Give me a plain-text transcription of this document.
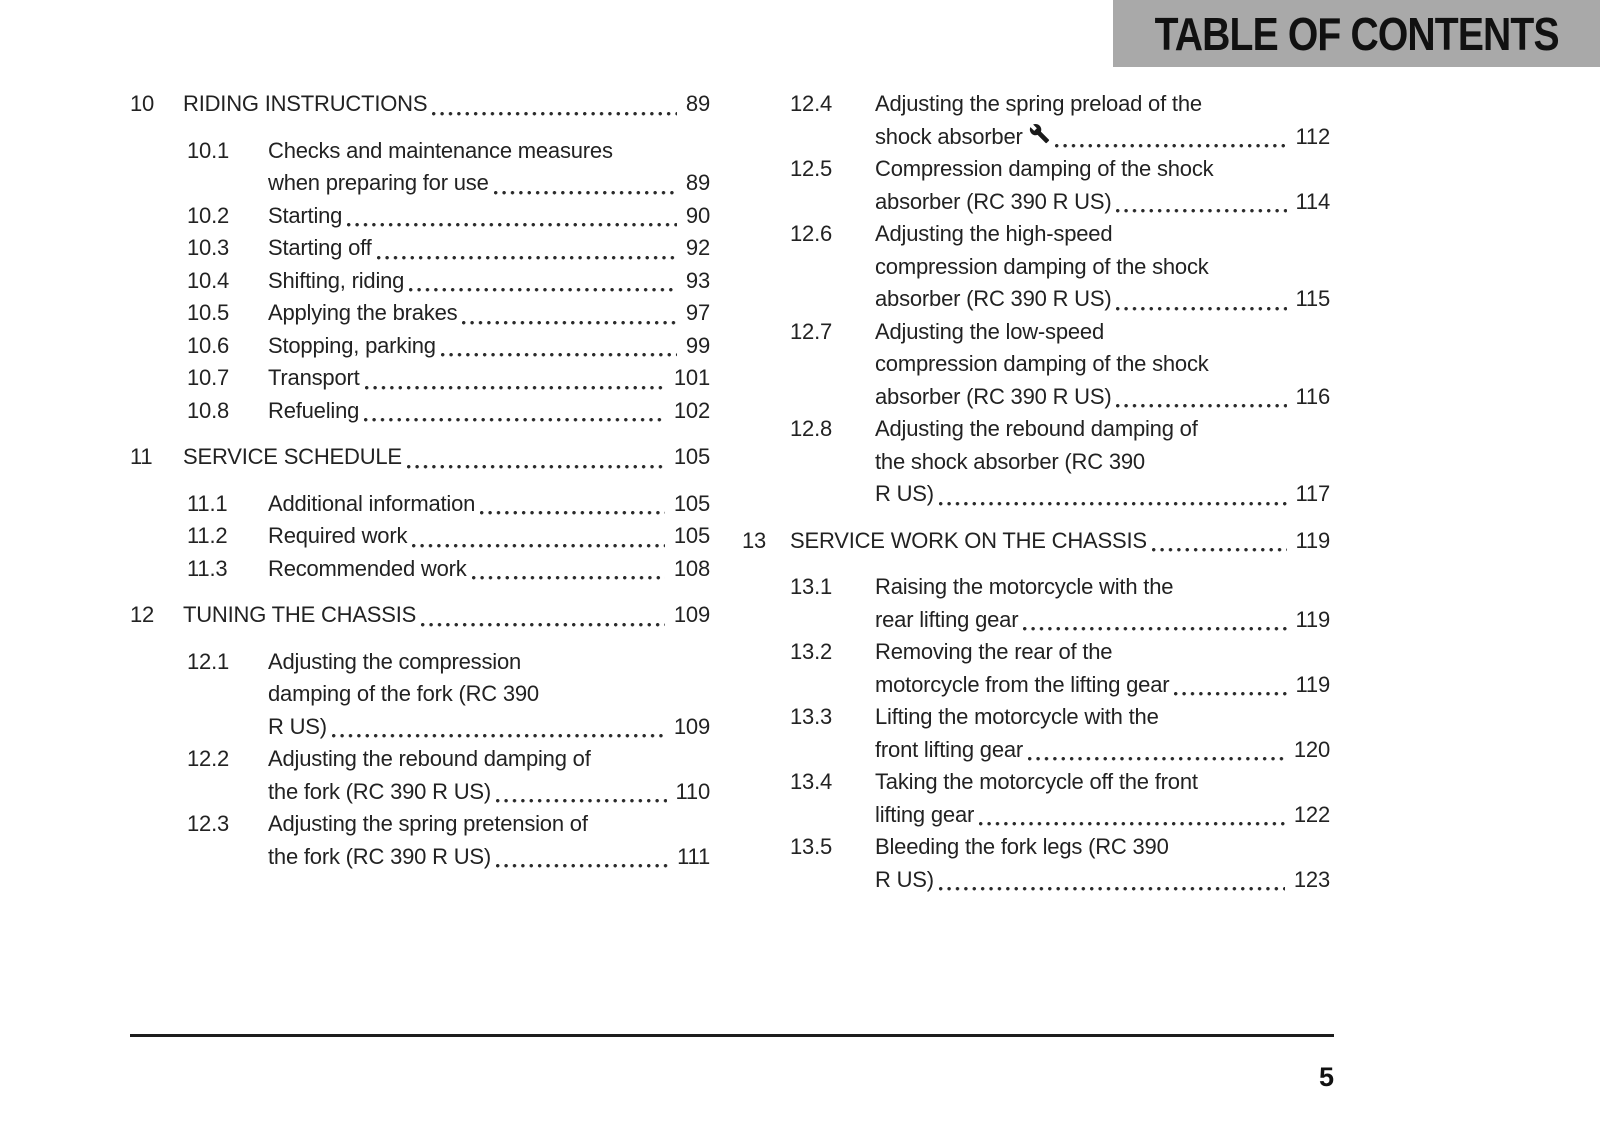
TABLE OF CONTENTS
10	RIDING INSTRUCTIONS	89
10.1	Checks and maintenance measures
when preparing for use	89
10.2	Starting	90
10.3	Starting off	92
10.4	Shifting, riding	93
10.5	Applying the brakes	97
10.6	Stopping, parking	99
10.7	Transport	101
10.8	Refueling	102
11	SERVICE SCHEDULE	105
11.1	Additional information	105
11.2	Required work	105
11.3	Recommended work	108
12	TUNING THE CHASSIS	109
12.1	Adjusting the compression
damping of the fork (RC 390
R US)	109
12.2	Adjusting the rebound damping of
the fork (RC 390 R US)	110
12.3	Adjusting the spring pretension of
the fork (RC 390 R US)	111
12.4	Adjusting the spring preload of the
shock absorber	112
12.5	Compression damping of the shock
absorber (RC 390 R US)	114
12.6	Adjusting the high-speed
compression damping of the shock
absorber (RC 390 R US)	115
12.7	Adjusting the low-speed
compression damping of the shock
absorber (RC 390 R US)	116
12.8	Adjusting the rebound damping of
the shock absorber (RC 390
R US)	117
13	SERVICE WORK ON THE CHASSIS	119
13.1	Raising the motorcycle with the
rear lifting gear	119
13.2	Removing the rear of the
motorcycle from the lifting gear	119
13.3	Lifting the motorcycle with the
front lifting gear	120
13.4	Taking the motorcycle off the front
lifting gear	122
13.5	Bleeding the fork legs (RC 390
R US)	123
5
